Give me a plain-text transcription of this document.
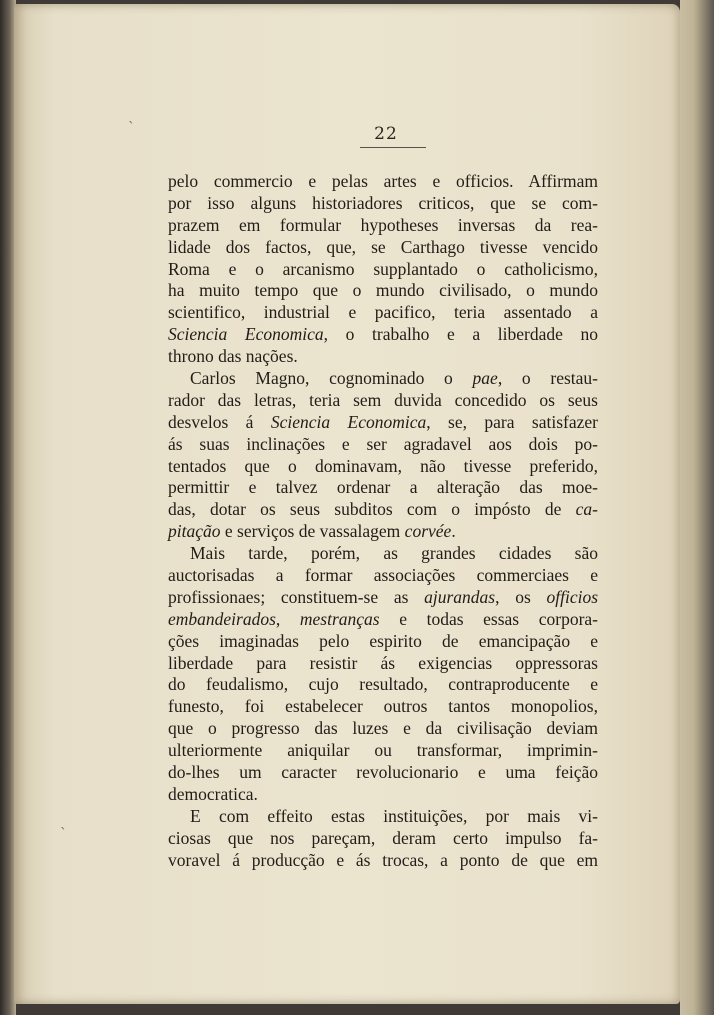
22
pelo commercio e pelas artes e officios. Affirmam
por isso alguns historiadores criticos, que se com-
prazem em formular hypotheses inversas da rea-
lidade dos factos, que, se Carthago tivesse vencido
Roma e o arcanismo supplantado o catholicismo,
ha muito tempo que o mundo civilisado, o mundo
scientifico, industrial e pacifico, teria assentado a
Sciencia Economica, o trabalho e a liberdade no
throno das nações.
Carlos Magno, cognominado o pae, o restau-
rador das letras, teria sem duvida concedido os seus
desvelos á Sciencia Economica, se, para satisfazer
ás suas inclinações e ser agradavel aos dois po-
tentados que o dominavam, não tivesse preferido,
permittir e talvez ordenar a alteração das moe-
das, dotar os seus subditos com o impósto de ca-
pitação e serviços de vassalagem corvée.
Mais tarde, porém, as grandes cidades são
auctorisadas a formar associações commerciaes e
profissionaes; constituem-se as ajurandas, os officios
embandeirados, mestranças e todas essas corpora-
ções imaginadas pelo espirito de emancipação e
liberdade para resistir ás exigencias oppressoras
do feudalismo, cujo resultado, contraproducente e
funesto, foi estabelecer outros tantos monopolios,
que o progresso das luzes e da civilisação deviam
ulteriormente aniquilar ou transformar, imprimin-
do-lhes um caracter revolucionario e uma feição
democratica.
E com effeito estas instituições, por mais vi-
ciosas que nos pareçam, deram certo impulso fa-
voravel á producção e ás trocas, a ponto de que em
ˋ
ˋ
